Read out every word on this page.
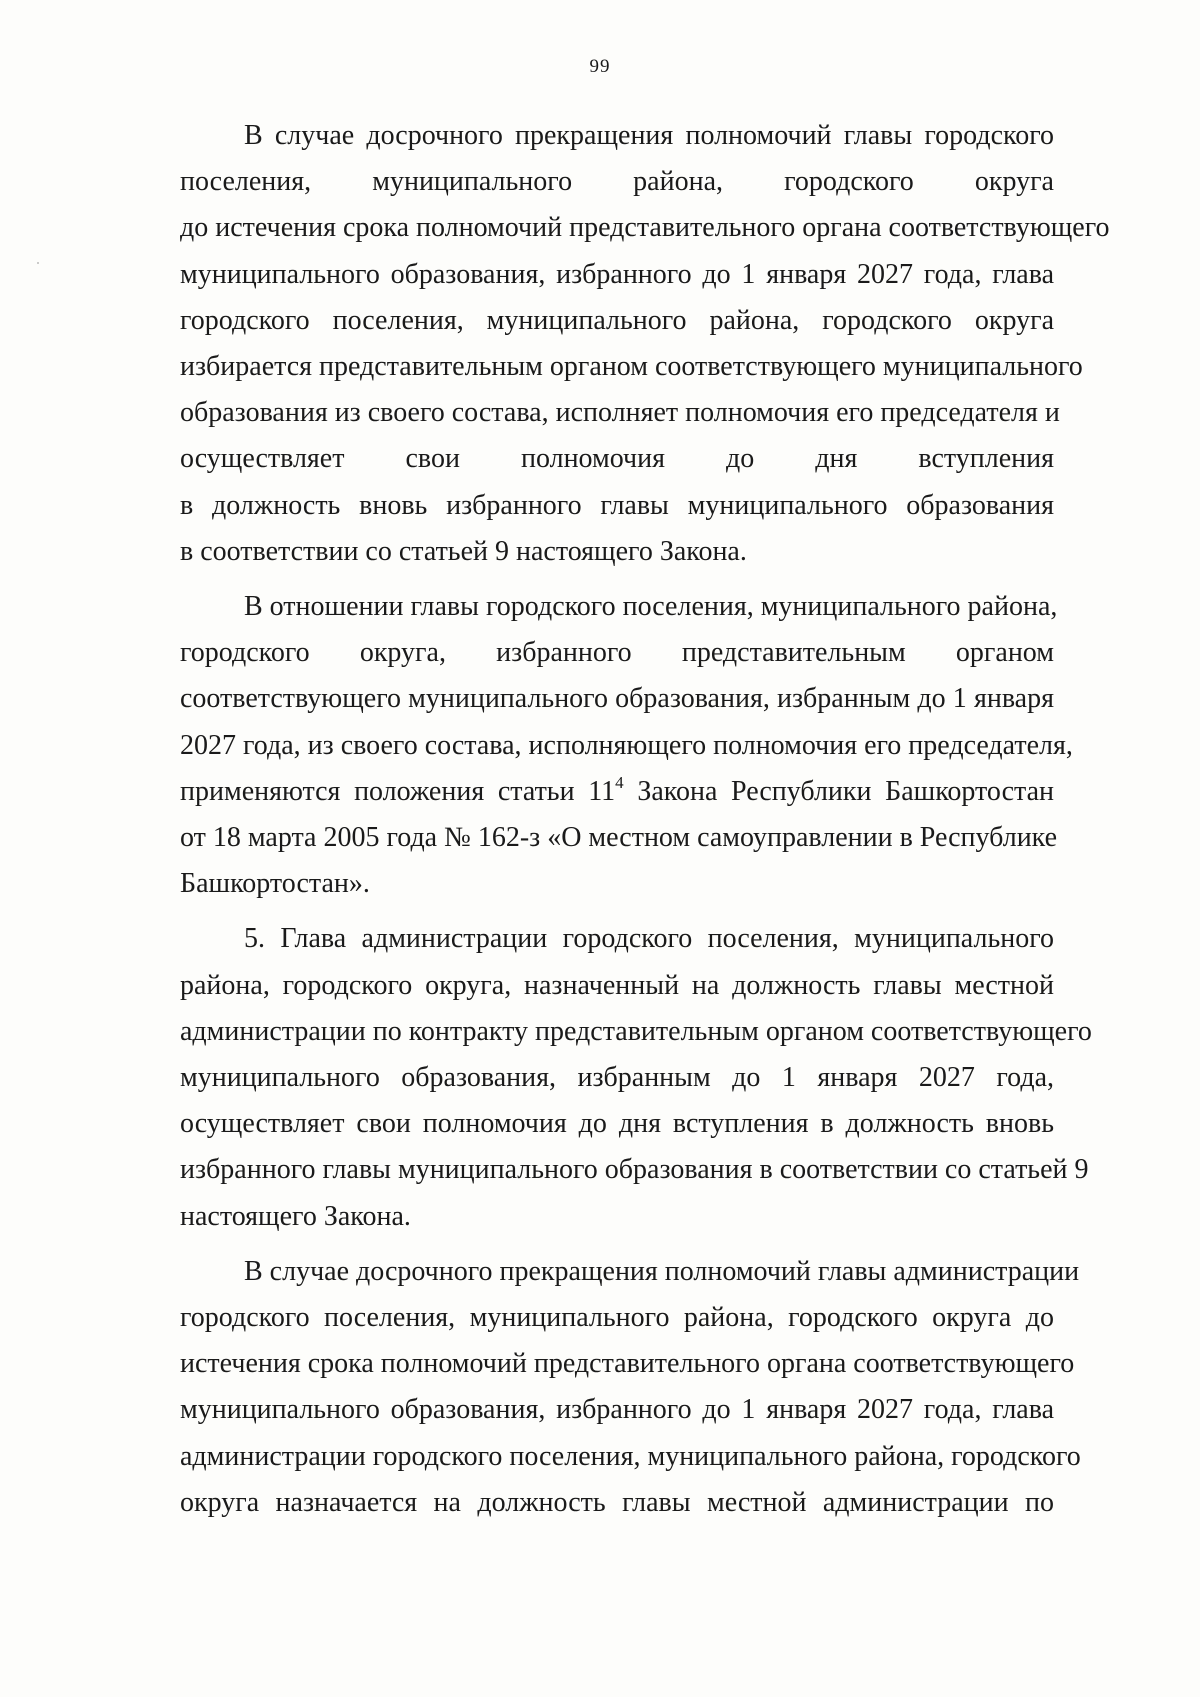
99

В случае досрочного прекращения полномочий главы городского
поселения, муниципального района, городского округа
до истечения срока полномочий представительного органа соответствующего
муниципального образования, избранного до 1 января 2027 года, глава
городского поселения, муниципального района, городского округа
избирается представительным органом соответствующего муниципального
образования из своего состава, исполняет полномочия его председателя и
осуществляет свои полномочия до дня вступления
в должность вновь избранного главы муниципального образования
в соответствии со статьей 9 настоящего Закона.

В отношении главы городского поселения, муниципального района,
городского округа, избранного представительным органом
соответствующего муниципального образования, избранным до 1 января
2027 года, из своего состава, исполняющего полномочия его председателя,
применяются положения статьи $11^4$ Закона Республики Башкортостан
от 18 марта 2005 года № 162-з «О местном самоуправлении в Республике
Башкортостан».

5. Глава администрации городского поселения, муниципального
района, городского округа, назначенный на должность главы местной
администрации по контракту представительным органом соответствующего
муниципального образования, избранным до 1 января 2027 года,
осуществляет свои полномочия до дня вступления в должность вновь
избранного главы муниципального образования в соответствии со статьей 9
настоящего Закона.

В случае досрочного прекращения полномочий главы администрации
городского поселения, муниципального района, городского округа до
истечения срока полномочий представительного органа соответствующего
муниципального образования, избранного до 1 января 2027 года, глава
администрации городского поселения, муниципального района, городского
округа назначается на должность главы местной администрации по
